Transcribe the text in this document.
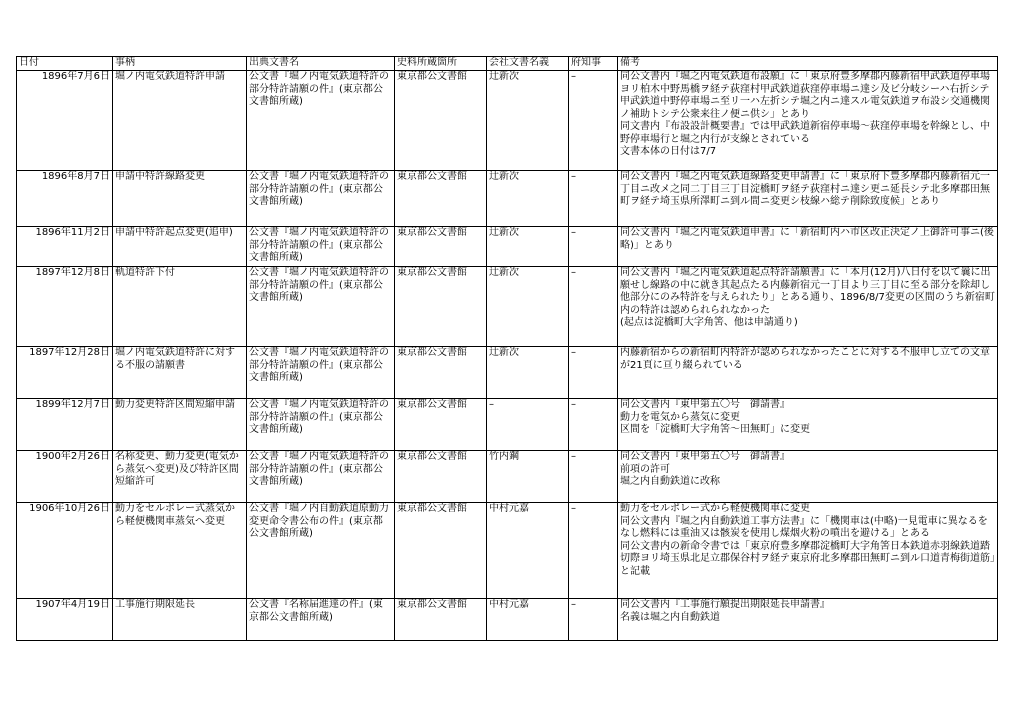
日付	事柄	出典文書名	史料所蔵箇所	会社文書名義	府知事	備考
1896年7月6日	堀ノ内電気鉄道特許申請	公文書『堀ノ内電気鉄道特許の部分特許請願の件』(東京都公文書館所蔵)	東京都公文書館	辻新次	–	同公文書内『堀之内電気鉄道布設願』に「東京府豊多摩郡内藤新宿甲武鉄道停車場ヨリ柏木中野馬橋ヲ経テ荻窪村甲武鉄道荻窪停車場ニ達シ及ビ分岐シーハ右折シテ甲武鉄道中野停車場ニ至リ一ハ左折シテ堀之内ニ達スル電気鉄道ヲ布設シ交通機関ノ補助トシテ公衆来往ノ便ニ供シ」とあり
同文書内『布設設計概要書』では甲武鉄道新宿停車場〜荻窪停車場を幹線とし、中野停車場行と堀之内行が支線とされている
文書本体の日付は7/7
1896年8月7日	申請中特許線路変更	公文書『堀ノ内電気鉄道特許の部分特許請願の件』(東京都公文書館所蔵)	東京都公文書館	辻新次	–	同公文書内『堀之内電気鉄道線路変更申請書』に「東京府下豊多摩郡内藤新宿元一丁目ニ改メ之同二丁目三丁目淀橋町ヲ経テ荻窪村ニ達シ更ニ延長シテ北多摩郡田無町ヲ経テ埼玉県所澤町ニ到ル間ニ変更シ枝線ハ総テ削除致度候」とあり
1896年11月2日	申請中特許起点変更(追申)	公文書『堀ノ内電気鉄道特許の部分特許請願の件』(東京都公文書館所蔵)	東京都公文書館	辻新次	–	同公文書内『堀之内電気鉄道申書』に「新宿町内ハ市区改正決定ノ上御許可事ニ(後略)」とあり
1897年12月8日	軌道特許下付	公文書『堀ノ内電気鉄道特許の部分特許請願の件』(東京都公文書館所蔵)	東京都公文書館	辻新次	–	同公文書内『堀之内電気鉄道起点特許請願書』に「本月(12月)八日付を以て曩に出願せし線路の中に就き其起点たる内藤新宿元一丁目より三丁目に至る部分を除却し他部分にのみ特許を与えられたり」とある通り、1896/8/7変更の区間のうち新宿町内の特許は認められられなかった
(起点は淀橋町大字角筈、他は申請通り)
1897年12月28日	堀ノ内電気鉄道特許に対する不服の請願書	公文書『堀ノ内電気鉄道特許の部分特許請願の件』(東京都公文書館所蔵)	東京都公文書館	辻新次	–	内藤新宿からの新宿町内特許が認められなかったことに対する不服申し立ての文章が21頁に亘り綴られている
1899年12月7日	動力変更特許区間短縮申請	公文書『堀ノ内電気鉄道特許の部分特許請願の件』(東京都公文書館所蔵)	東京都公文書館	–	–	同公文書内『東甲第五〇号　御請書』
動力を電気から蒸気に変更
区間を「淀橋町大字角筈〜田無町」に変更
1900年2月26日	名称変更、動力変更(電気から蒸気へ変更)及び特許区間短縮許可	公文書『堀ノ内電気鉄道特許の部分特許請願の件』(東京都公文書館所蔵)	東京都公文書館	竹内鋼	–	同公文書内『東甲第五〇号　御請書』
前項の許可
堀之内自動鉄道に改称
1906年10月26日	動力をセルポレー式蒸気から軽便機関車蒸気へ変更	公文書『堀ノ内自動鉄道原動力変更命令書公布の件』(東京都公文書館所蔵)	東京都公文書館	中村元嘉	–	動力をセルポレー式から軽便機関車に変更
同公文書内『堀之内自動鉄道工事方法書』に「機関車は(中略)一見電車に異なるをなし燃料には重油又は骸炭を使用し煤烟火粉の噴出を避ける」とある
同公文書内の新命令書では「東京府豊多摩郡淀橋町大字角筈日本鉄道赤羽線鉄道踏切際ヨリ埼玉県北足立郡保谷村ヲ経テ東京府北多摩郡田無町ニ到ル口道青梅街道筋」と記載
1907年4月19日	工事施行期限延長	公文書『名称届進達の件』(東京都公文書館所蔵)	東京都公文書館	中村元嘉	–	同公文書内『工事施行願提出期限延長申請書』
名義は堀之内自動鉄道
